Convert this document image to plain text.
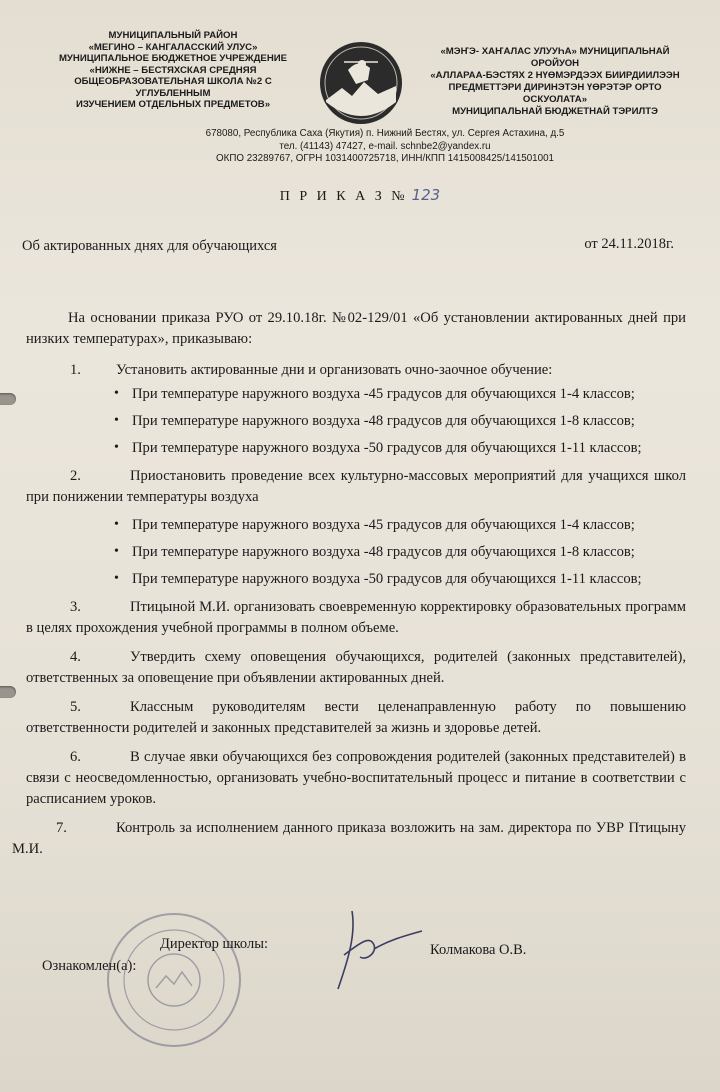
МУНИЦИПАЛЬНЫЙ РАЙОН
«МЕГИНО – КАНГАЛАССКИЙ УЛУС»
МУНИЦИПАЛЬНОЕ БЮДЖЕТНОЕ УЧРЕЖДЕНИЕ
«НИЖНЕ – БЕСТЯХСКАЯ СРЕДНЯЯ
ОБЩЕОБРАЗОВАТЕЛЬНАЯ ШКОЛА №2 С УГЛУБЛЕННЫМ
ИЗУЧЕНИЕМ ОТДЕЛЬНЫХ ПРЕДМЕТОВ»
«МЭҤЭ- ХАҤАЛАС УЛУУҺА» МУНИЦИПАЛЬНАЙ ОРОЙУОН
«АЛЛАРАА-БЭСТЯХ 2 НҮӨМЭРДЭЭХ БИИРДИИЛЭЭН
ПРЕДМЕТТЭРИ ДИРИНЭТЭН ҮӨРЭТЭР ОРТО ОСКУОЛАТА»
МУНИЦИПАЛЬНАЙ БЮДЖЕТНАЙ ТЭРИЛТЭ
678080, Республика Саха (Якутия) п. Нижний Бестях, ул. Сергея Астахина, д.5
тел. (41143) 47427, e-mail. schnbe2@yandex.ru
ОКПО 23289767, ОГРН 1031400725718, ИНН/КПП 1415008425/141501001
П Р И К А З № 123
Об актированных днях для обучающихся	от 24.11.2018г.

На основании приказа РУО от 29.10.18г. №02-129/01 «Об установлении актированных дней при низких температурах», приказываю:

1.	Установить актированные дни и организовать очно-заочное обучение:
• При температуре наружного воздуха -45 градусов для обучающихся 1-4 классов;
• При температуре наружного воздуха -48 градусов для обучающихся 1-8 классов;
• При температуре наружного воздуха -50 градусов для обучающихся 1-11 классов;
2.	Приостановить проведение всех культурно-массовых мероприятий для учащихся школ при понижении температуры воздуха
• При температуре наружного воздуха -45 градусов для обучающихся 1-4 классов;
• При температуре наружного воздуха -48 градусов для обучающихся 1-8 классов;
• При температуре наружного воздуха -50 градусов для обучающихся 1-11 классов;
3.	Птицыной М.И. организовать своевременную корректировку образовательных программ в целях прохождения учебной программы в полном объеме.
4.	Утвердить схему оповещения обучающихся, родителей (законных представителей), ответственных за оповещение при объявлении актированных дней.
5.	Классным руководителям вести целенаправленную работу по повышению ответственности родителей и законных представителей за жизнь и здоровье детей.
6.	В случае явки обучающихся без сопровождения родителей (законных представителей) в связи с неосведомленностью, организовать учебно-воспитательный процесс и питание в соответствии с расписанием уроков.
7.	Контроль за исполнением данного приказа возложить на зам. директора по УВР Птицыну М.И.
Директор школы:	Колмакова О.В.
Ознакомлен(а):
